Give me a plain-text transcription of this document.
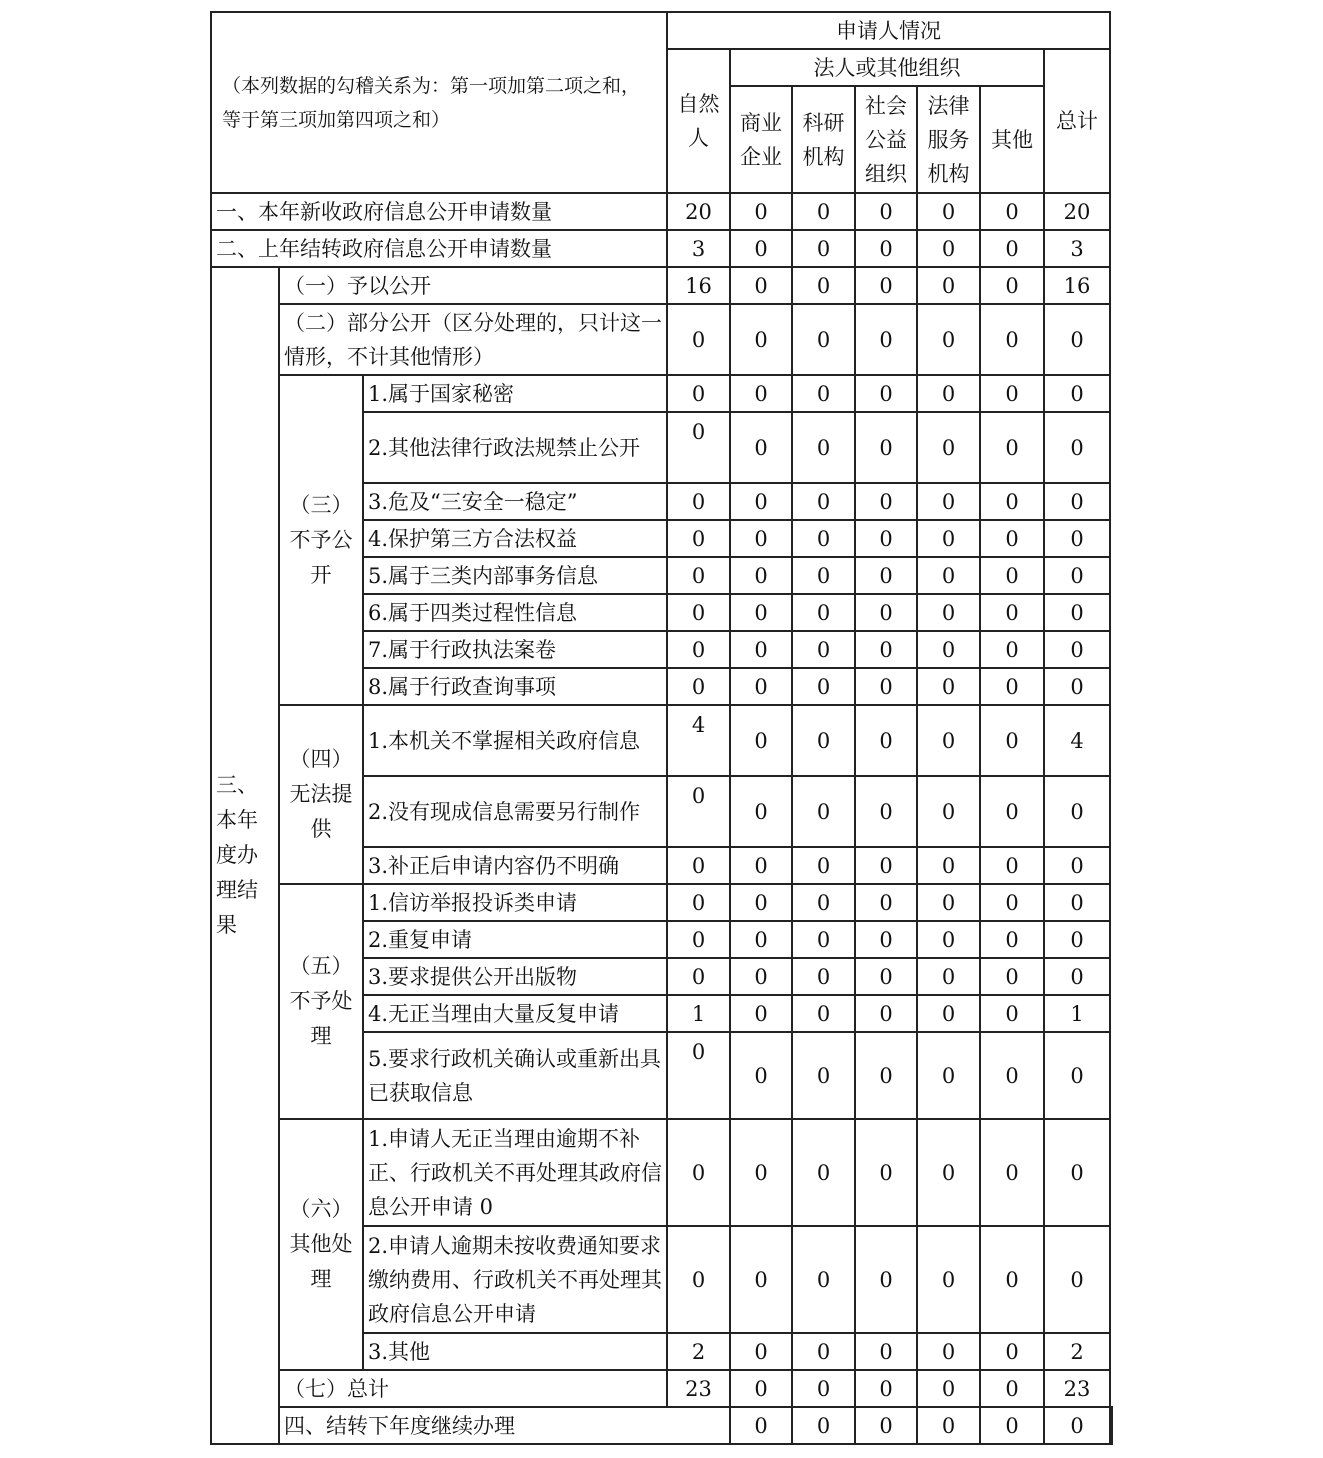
（本列数据的勾稽关系为：第一项加第二项之和，等于第三项加第四项之和）			申请人情况							
			自然人	法人或其他组织					总计	
				商业企业	科研机构	社会公益组织	法律服务机构	其他		
一、本年新收政府信息公开申请数量			20	0	0	0	0	0	20	
二、上年结转政府信息公开申请数量			3	0	0	0	0	0	3	
三、本年度办理结果	（一）予以公开		16	0	0	0	0	0	16	
	（二）部分公开（区分处理的，只计这一情形，不计其他情形）		0	0	0	0	0	0	0	
	（三）不予公开	1.属于国家秘密	0	0	0	0	0	0	0	
		2.其他法律行政法规禁止公开	0	0	0	0	0	0	0	
		3.危及“三安全一稳定”	0	0	0	0	0	0	0	
		4.保护第三方合法权益	0	0	0	0	0	0	0	
		5.属于三类内部事务信息	0	0	0	0	0	0	0	
		6.属于四类过程性信息	0	0	0	0	0	0	0	
		7.属于行政执法案卷	0	0	0	0	0	0	0	
		8.属于行政查询事项	0	0	0	0	0	0	0	
	（四）无法提供	1.本机关不掌握相关政府信息	4	0	0	0	0	0	4	
		2.没有现成信息需要另行制作	0	0	0	0	0	0	0	
		3.补正后申请内容仍不明确	0	0	0	0	0	0	0	
	（五）不予处理	1.信访举报投诉类申请	0	0	0	0	0	0	0	
		2.重复申请	0	0	0	0	0	0	0	
		3.要求提供公开出版物	0	0	0	0	0	0	0	
		4.无正当理由大量反复申请	1	0	0	0	0	0	1	
		5.要求行政机关确认或重新出具已获取信息	0	0	0	0	0	0	0	
	（六）其他处理	1.申请人无正当理由逾期不补正、行政机关不再处理其政府信息公开申请 0	0	0	0	0	0	0	0	
		2.申请人逾期未按收费通知要求缴纳费用、行政机关不再处理其政府信息公开申请	0	0	0	0	0	0	0	
		3.其他	2	0	0	0	0	0	2	
	（七）总计		23	0	0	0	0	0	23	
	四、结转下年度继续办理			0	0	0	0	0	0	
